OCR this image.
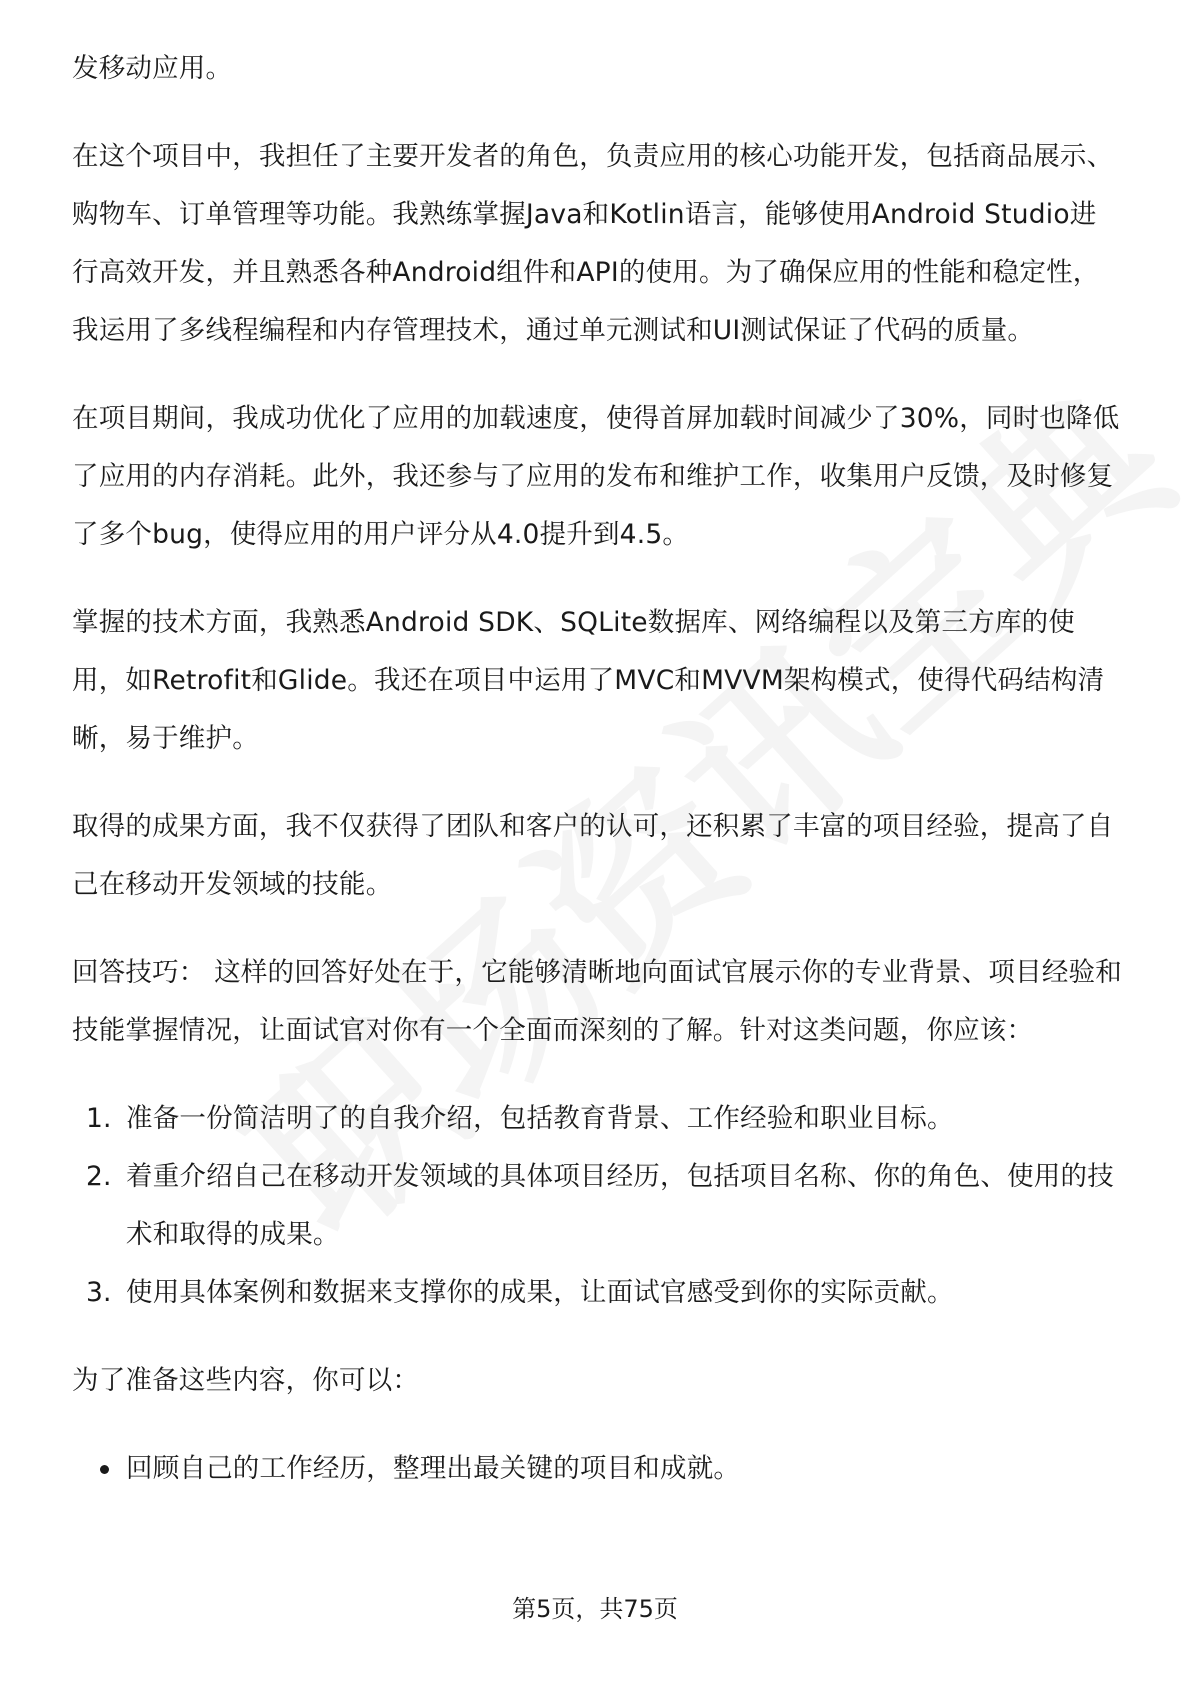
发移动应用。

在这个项目中，我担任了主要开发者的角色，负责应用的核心功能开发，包括商品展示、购物车、订单管理等功能。我熟练掌握Java和Kotlin语言，能够使用Android Studio进行高效开发，并且熟悉各种Android组件和API的使用。为了确保应用的性能和稳定性，我运用了多线程编程和内存管理技术，通过单元测试和UI测试保证了代码的质量。

在项目期间，我成功优化了应用的加载速度，使得首屏加载时间减少了30%，同时也降低了应用的内存消耗。此外，我还参与了应用的发布和维护工作，收集用户反馈，及时修复了多个bug，使得应用的用户评分从4.0提升到4.5。

掌握的技术方面，我熟悉Android SDK、SQLite数据库、网络编程以及第三方库的使用，如Retrofit和Glide。我还在项目中运用了MVC和MVVM架构模式，使得代码结构清晰，易于维护。

取得的成果方面，我不仅获得了团队和客户的认可，还积累了丰富的项目经验，提高了自己在移动开发领域的技能。

回答技巧： 这样的回答好处在于，它能够清晰地向面试官展示你的专业背景、项目经验和技能掌握情况，让面试官对你有一个全面而深刻的了解。针对这类问题，你应该：

1. 准备一份简洁明了的自我介绍，包括教育背景、工作经验和职业目标。
2. 着重介绍自己在移动开发领域的具体项目经历，包括项目名称、你的角色、使用的技术和取得的成果。
3. 使用具体案例和数据来支撑你的成果，让面试官感受到你的实际贡献。

为了准备这些内容，你可以：

回顾自己的工作经历，整理出最关键的项目和成就。
第5页，共75页
